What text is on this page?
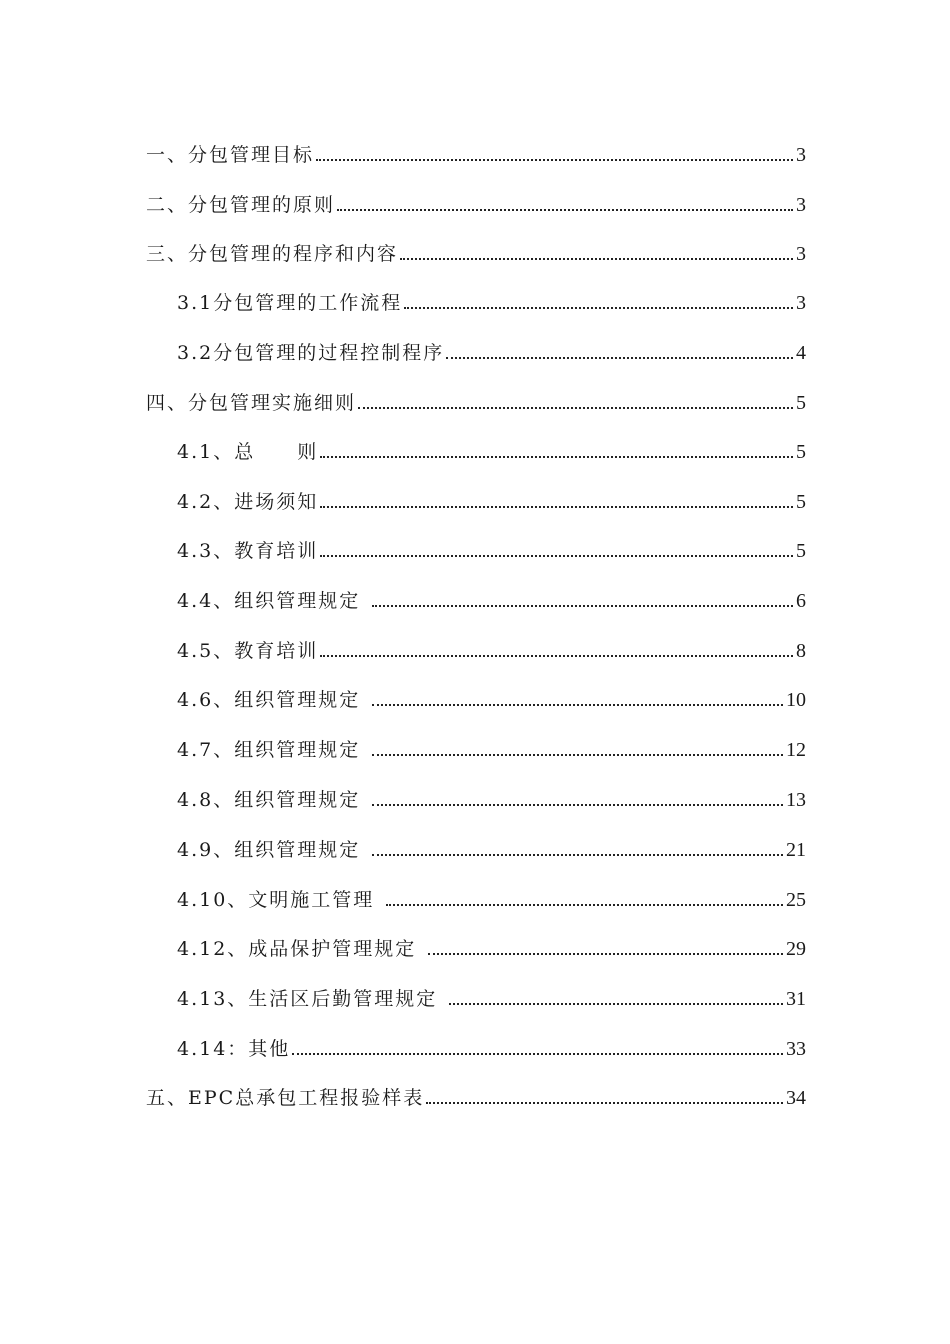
一、分包管理目标	3
二、分包管理的原则	3
三、分包管理的程序和内容	3
3.1分包管理的工作流程	3
3.2分包管理的过程控制程序	4
四、分包管理实施细则	5
4.1、总　　则	5
4.2、进场须知	5
4.3、教育培训	5
4.4、组织管理规定	6
4.5、教育培训	8
4.6、组织管理规定	10
4.7、组织管理规定	12
4.8、组织管理规定	13
4.9、组织管理规定	21
4.10、文明施工管理	25
4.12、成品保护管理规定	29
4.13、生活区后勤管理规定	31
4.14：其他	33
五、EPC总承包工程报验样表	34
